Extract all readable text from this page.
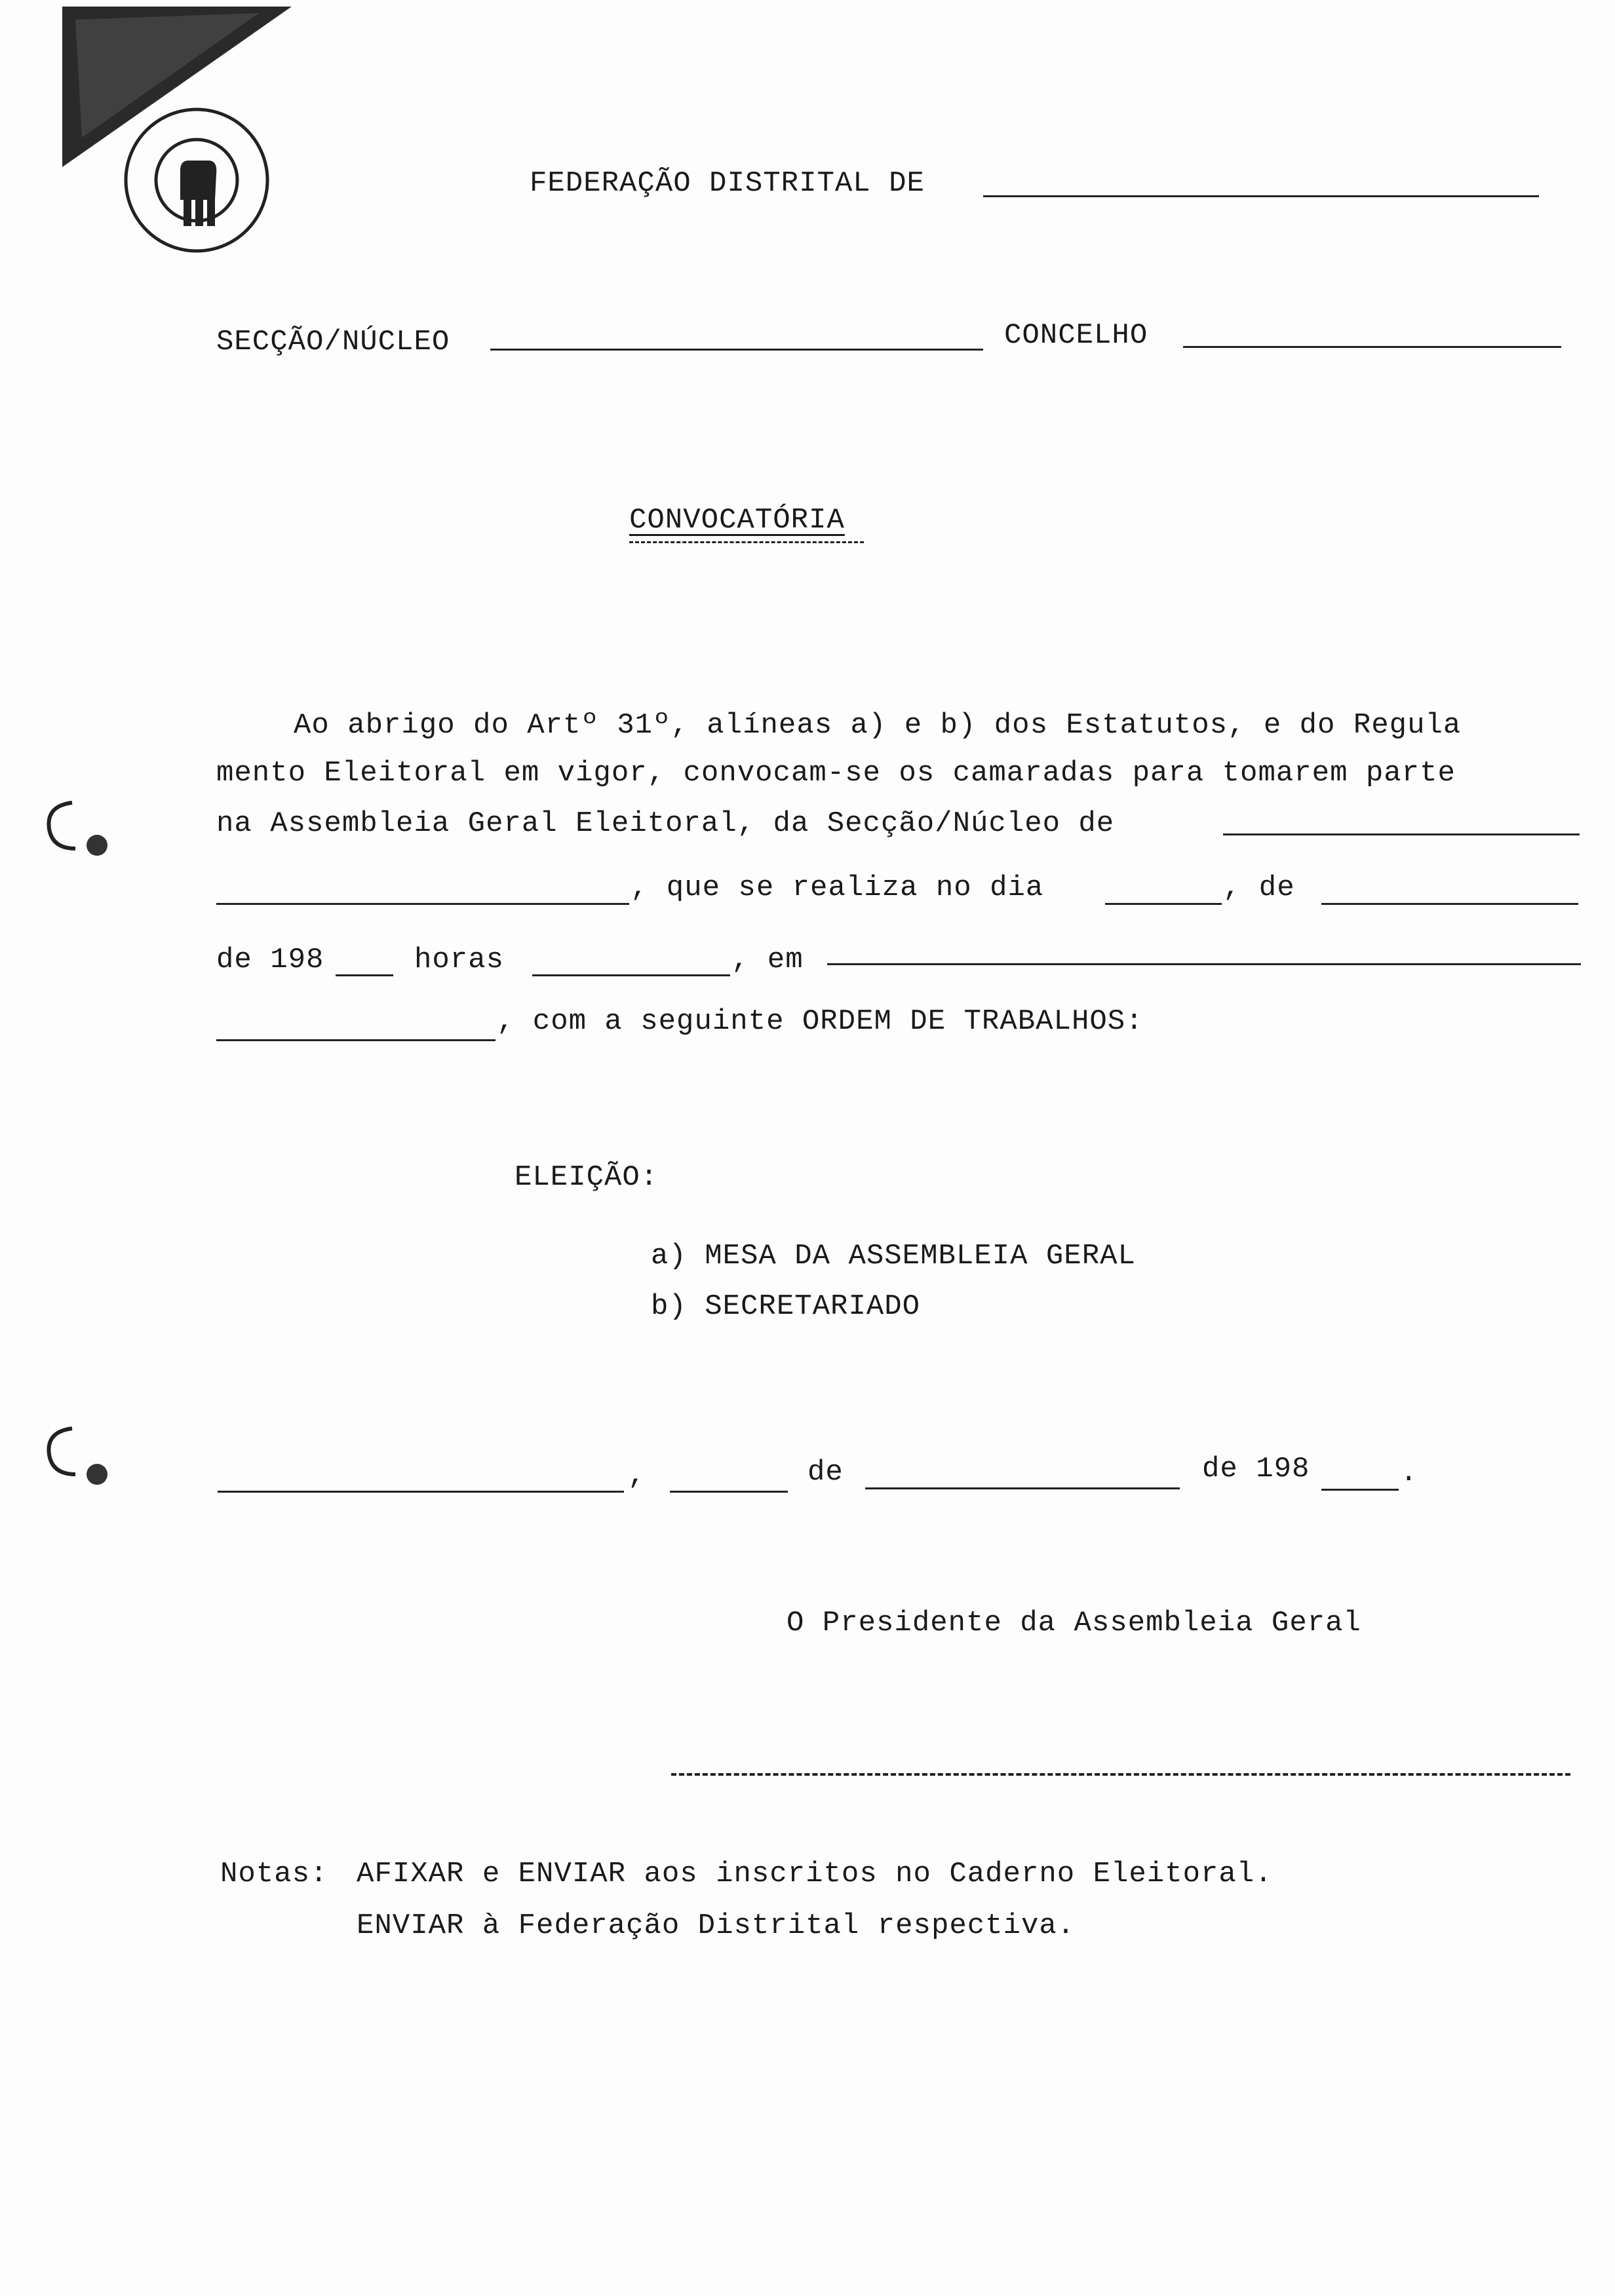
FEDERAÇÃO DISTRITAL DE
SECÇÃO/NÚCLEO	CONCELHO
CONVOCATÓRIA
Ao abrigo do Artº 31º, alíneas a) e b) dos Estatutos, e do Regula
mento Eleitoral em vigor, convocam-se os camaradas para tomarem parte
na Assembleia Geral Eleitoral, da Secção/Núcleo de
, que se realiza no dia	, de
de 198	horas	, em
, com a seguinte ORDEM DE TRABALHOS:
ELEIÇÃO:
a) MESA DA ASSEMBLEIA GERAL
b) SECRETARIADO
,	de	de 198	.
O Presidente da Assembleia Geral
Notas: AFIXAR e ENVIAR aos inscritos no Caderno Eleitoral.
ENVIAR à Federação Distrital respectiva.
